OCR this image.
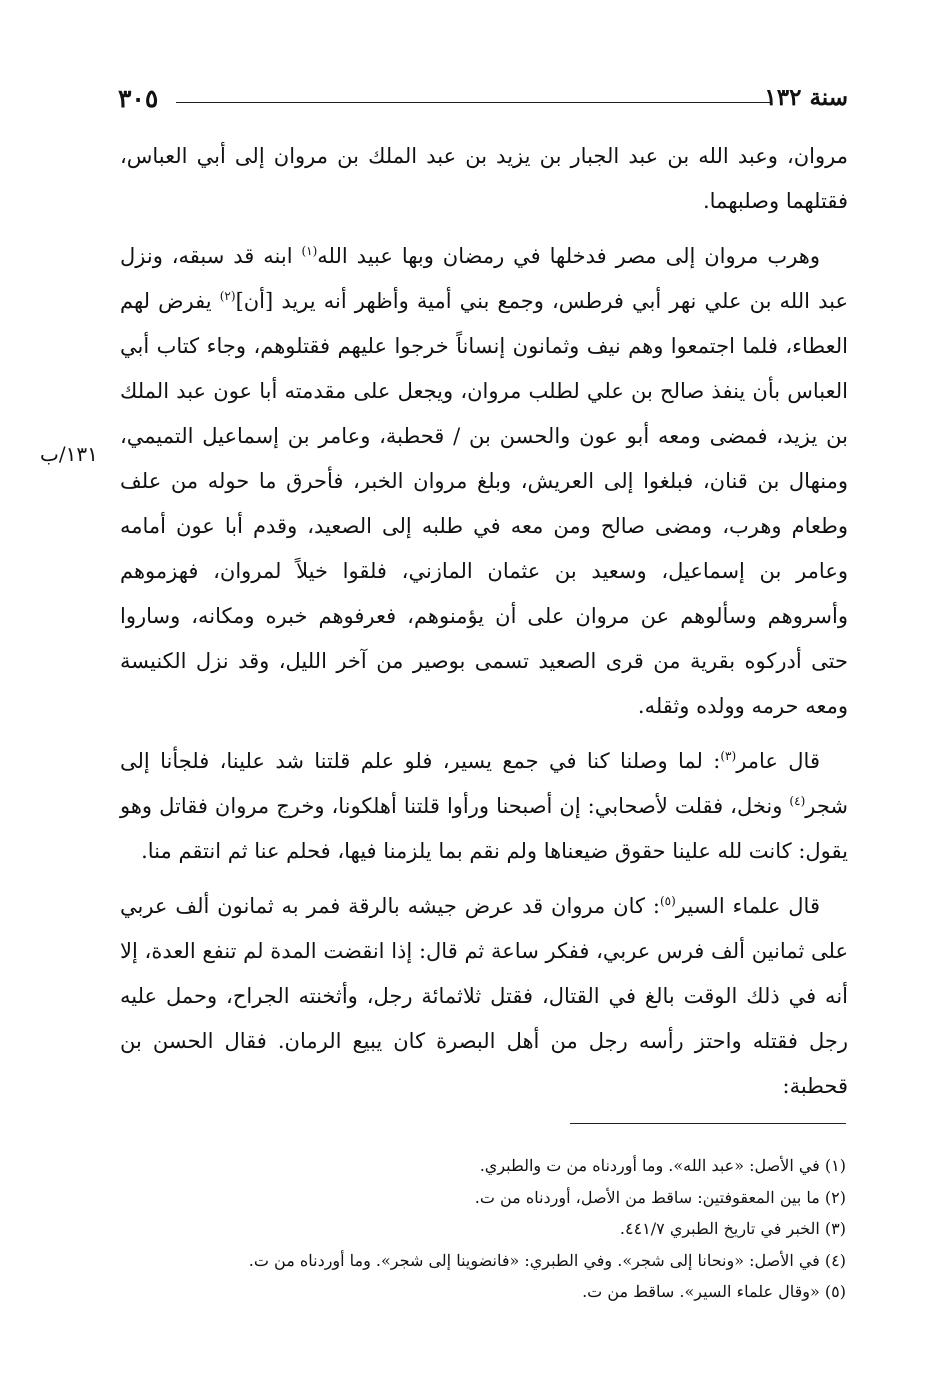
٣٠٥	سنة ١٣٢
١٣١/ب

مروان، وعبد الله بن عبد الجبار بن يزيد بن عبد الملك بن مروان إلى أبي العباس، فقتلهما وصلبهما.

وهرب مروان إلى مصر فدخلها في رمضان وبها عبيد الله$^{(١)}$ ابنه قد سبقه، ونزل عبد الله بن علي نهر أبي فرطس، وجمع بني أمية وأظهر أنه يريد [أن]$^{(٢)}$ يفرض لهم العطاء، فلما اجتمعوا وهم نيف وثمانون إنساناً خرجوا عليهم فقتلوهم، وجاء كتاب أبي العباس بأن ينفذ صالح بن علي لطلب مروان، ويجعل على مقدمته أبا عون عبد الملك بن يزيد، فمضى ومعه أبو عون والحسن بن / قحطبة، وعامر بن إسماعيل التميمي، ومنهال بن قنان، فبلغوا إلى العريش، وبلغ مروان الخبر، فأحرق ما حوله من علف وطعام وهرب، ومضى صالح ومن معه في طلبه إلى الصعيد، وقدم أبا عون أمامه وعامر بن إسماعيل، وسعيد بن عثمان المازني، فلقوا خيلاً لمروان، فهزموهم وأسروهم وسألوهم عن مروان على أن يؤمنوهم، فعرفوهم خبره ومكانه، وساروا حتى أدركوه بقرية من قرى الصعيد تسمى بوصير من آخر الليل، وقد نزل الكنيسة ومعه حرمه وولده وثقله.

قال عامر$^{(٣)}$: لما وصلنا كنا في جمع يسير، فلو علم قلتنا شد علينا، فلجأنا إلى شجر$^{(٤)}$ ونخل، فقلت لأصحابي: إن أصبحنا ورأوا قلتنا أهلكونا، وخرج مروان فقاتل وهو يقول: كانت لله علينا حقوق ضيعناها ولم نقم بما يلزمنا فيها، فحلم عنا ثم انتقم منا.

قال علماء السير$^{(٥)}$: كان مروان قد عرض جيشه بالرقة فمر به ثمانون ألف عربي على ثمانين ألف فرس عربي، ففكر ساعة ثم قال: إذا انقضت المدة لم تنفع العدة، إلا أنه في ذلك الوقت بالغ في القتال، فقتل ثلاثمائة رجل، وأثخنته الجراح، وحمل عليه رجل فقتله واحتز رأسه رجل من أهل البصرة كان يبيع الرمان. فقال الحسن بن قحطبة:

(١) في الأصل: «عبد الله». وما أوردناه من ت والطبري.
(٢) ما بين المعقوفتين: ساقط من الأصل، أوردناه من ت.
(٣) الخبر في تاريخ الطبري ٤٤١/٧.
(٤) في الأصل: «ونحانا إلى شجر». وفي الطبري: «فانضوينا إلى شجر». وما أوردناه من ت.
(٥) «وقال علماء السير». ساقط من ت.
